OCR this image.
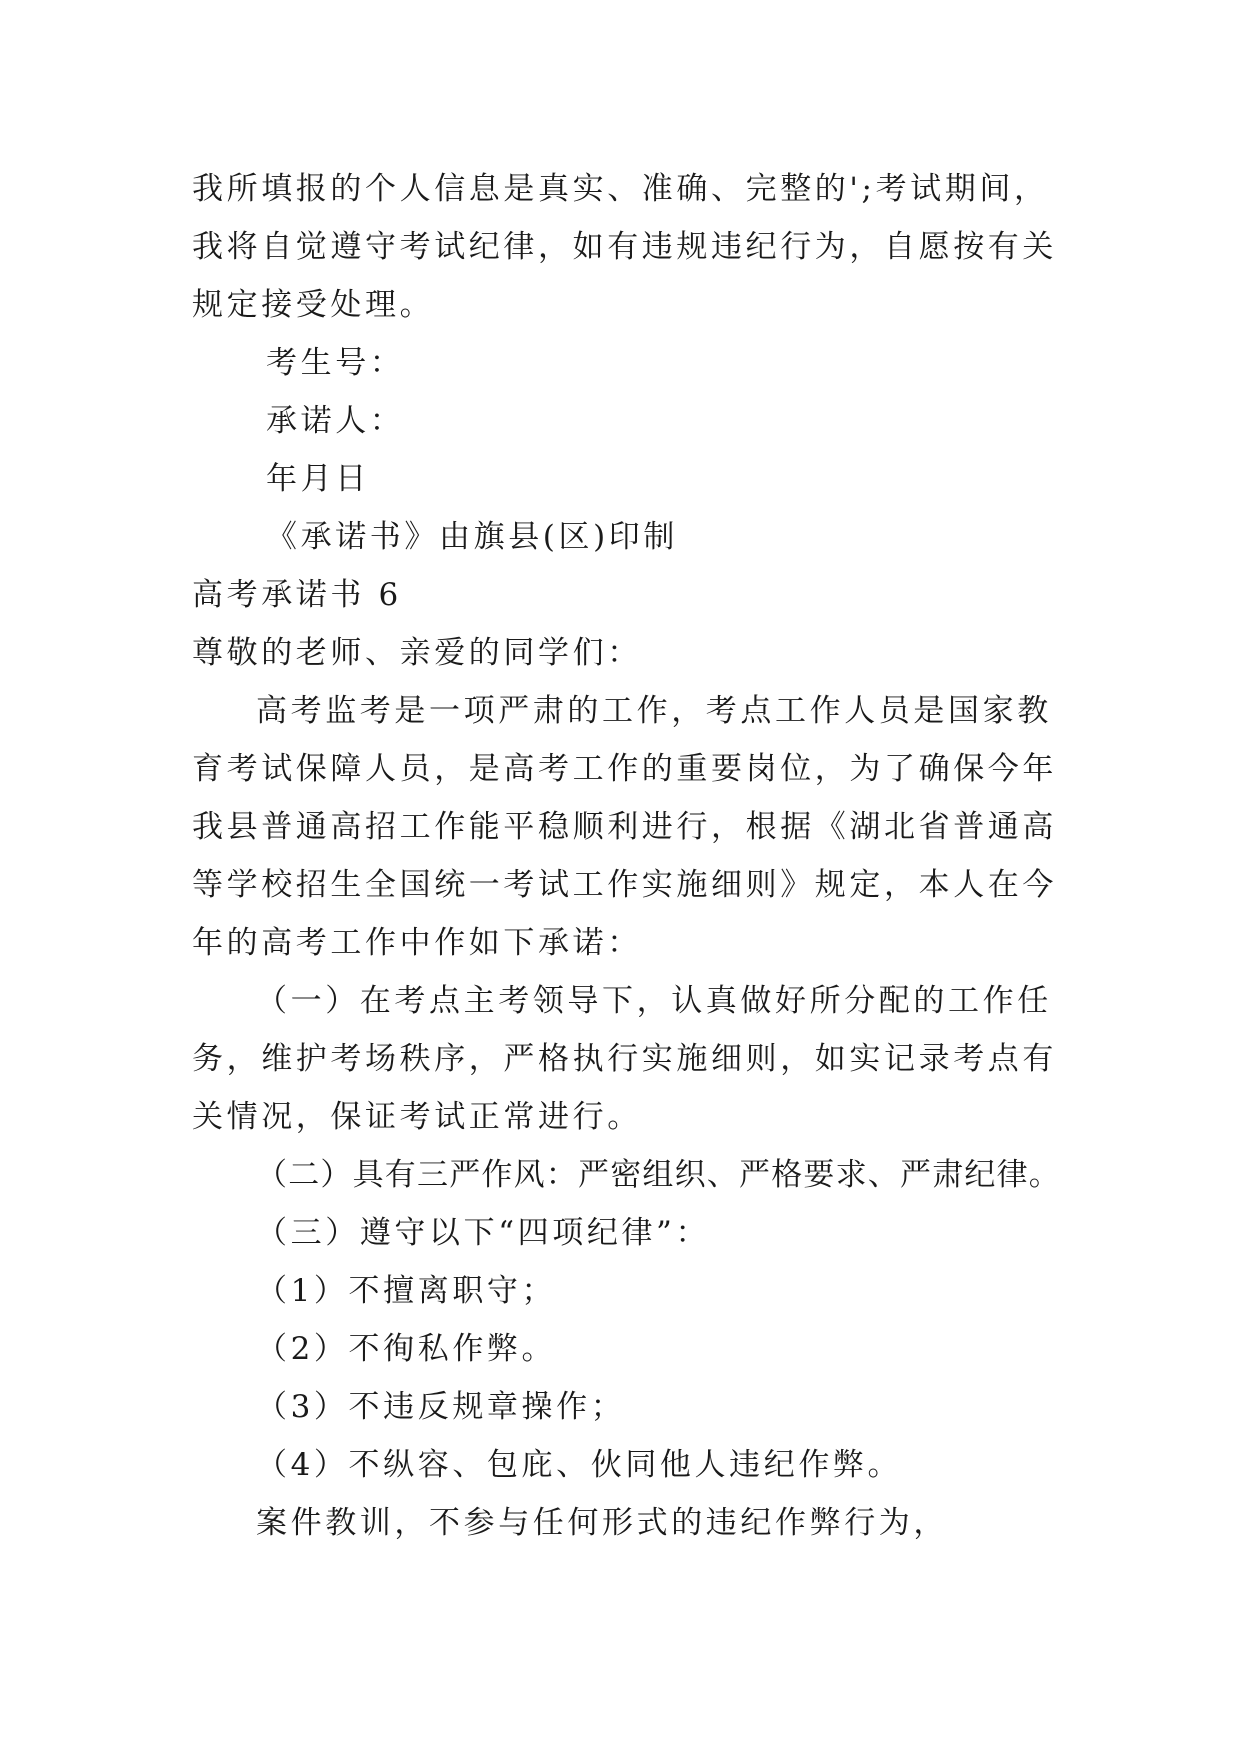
我所填报的个人信息是真实、准确、完整的';考试期间，我将自觉遵守考试纪律，如有违规违纪行为，自愿按有关规定接受处理。

考生号：

承诺人：

年月日

《承诺书》由旗县(区)印制

高考承诺书 6

尊敬的老师、亲爱的同学们：

高考监考是一项严肃的工作，考点工作人员是国家教育考试保障人员，是高考工作的重要岗位，为了确保今年我县普通高招工作能平稳顺利进行，根据《湖北省普通高等学校招生全国统一考试工作实施细则》规定，本人在今年的高考工作中作如下承诺：

（一）在考点主考领导下，认真做好所分配的工作任务，维护考场秩序，严格执行实施细则，如实记录考点有关情况，保证考试正常进行。

（二）具有三严作风：严密组织、严格要求、严肃纪律。

（三）遵守以下“四项纪律”：

（1）不擅离职守；

（2）不徇私作弊。

（3）不违反规章操作；

（4）不纵容、包庇、伙同他人违纪作弊。

案件教训，不参与任何形式的违纪作弊行为，
